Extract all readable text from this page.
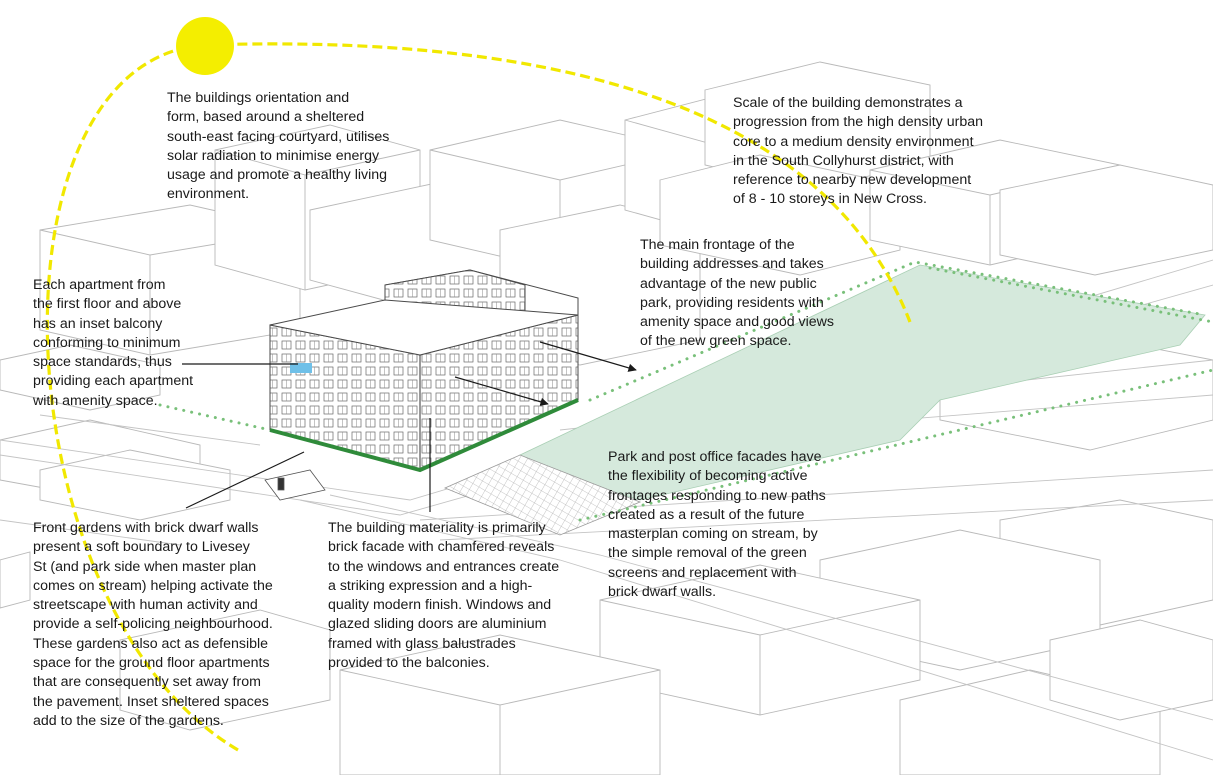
The buildings orientation and
form, based around a sheltered
south-east facing courtyard, utilises
solar radiation to minimise energy
usage and promote a healthy living
environment.

Scale of the building demonstrates a
progression from the high density urban
core to a medium density environment
in the South Collyhurst district, with
reference to nearby new development
of 8 - 10 storeys in New Cross.

The main frontage of the
building addresses and takes
advantage of the new public
park, providing residents with
amenity space and good views
of the new green space.

Each apartment from
the first floor and above
has an inset balcony
conforming to minimum
space standards, thus
providing each apartment
with amenity space.

Park and post office facades have
the flexibility of becoming active
frontages responding to new paths
created as a result of the future
masterplan coming on stream, by
the simple removal of the green
screens and replacement with
brick dwarf walls.

Front gardens with brick dwarf walls
present a soft boundary to Livesey
St (and park side when master plan
comes on stream) helping activate the
streetscape with human activity and
provide a self-policing neighbourhood.
These gardens also act as defensible
space for the ground floor apartments
that are consequently set away from
the pavement. Inset sheltered spaces
add to the size of the gardens.

The building materiality is primarily
brick facade with chamfered reveals
to the windows and entrances create
a striking expression and a high-
quality modern finish. Windows and
glazed sliding doors are aluminium
framed with glass balustrades
provided to the balconies.
